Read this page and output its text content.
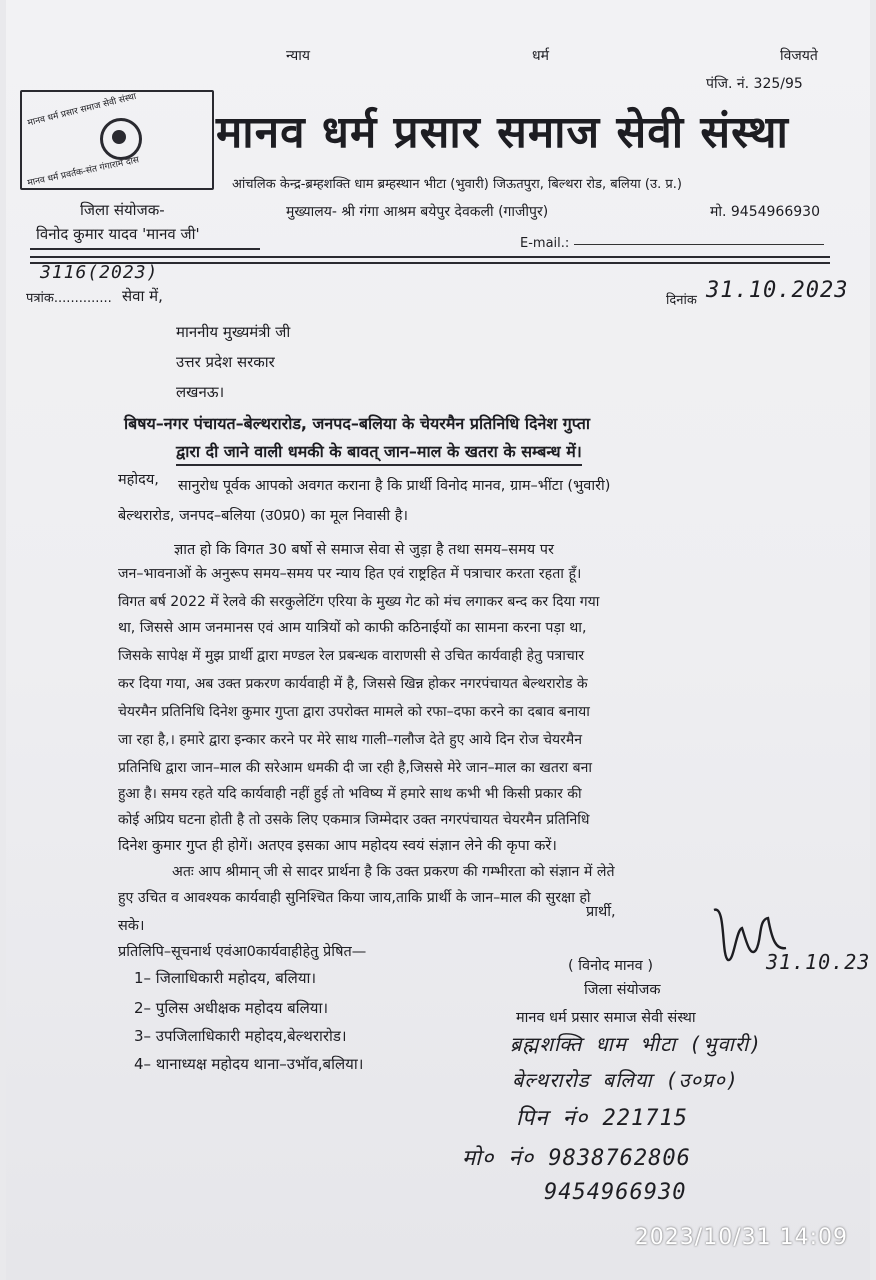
न्याय	धर्म	विजयते
पंजि. नं. 325/95
मानव धर्म प्रसार समाज सेवी संस्था
मानव धर्म प्रवर्तक-संत गंगाराम दास
मानव धर्म प्रसार समाज सेवी संस्था
आंचलिक केन्द्र-ब्रम्हशक्ति धाम ब्रम्हस्थान भीटा (भुवारी) जिऊतपुरा, बिल्थरा रोड, बलिया (उ. प्र.)
जिला संयोजक-
विनोद कुमार यादव 'मानव जी'
मुख्यालय- श्री गंगा आश्रम बयेपुर देवकली (गाजीपुर)	मो. 9454966930
E-mail.:
3116(2023)
पत्रांक.............. सेवा में,	दिनांक 31.10.2023
माननीय मुख्यमंत्री जी
उत्तर प्रदेश सरकार
लखनऊ।
बिषय–नगर पंचायत–बेल्थरारोड, जनपद–बलिया के चेयरमैन प्रतिनिधि दिनेश गुप्ता
द्वारा दी जाने वाली धमकी के बावत् जान–माल के खतरा के सम्बन्ध में।
महोदय, सानुरोध पूर्वक आपको अवगत कराना है कि प्रार्थी विनोद मानव, ग्राम–भींटा (भुवारी)
बेल्थरारोड, जनपद–बलिया (उ0प्र0) का मूल निवासी है।
ज्ञात हो कि विगत 30 बर्षो से समाज सेवा से जुड़ा है तथा समय–समय पर
जन–भावनाओं के अनुरूप समय–समय पर न्याय हित एवं राष्ट्रहित में पत्राचार करता रहता हूँ।
विगत बर्ष 2022 में रेलवे की सरकुलेटिंग एरिया के मुख्य गेट को मंच लगाकर बन्द कर दिया गया
था, जिससे आम जनमानस एवं आम यात्रियों को काफी कठिनाईयों का सामना करना पड़ा था,
जिसके सापेक्ष में मुझ प्रार्थी द्वारा मण्डल रेल प्रबन्धक वाराणसी से उचित कार्यवाही हेतु पत्राचार
कर दिया गया, अब उक्त प्रकरण कार्यवाही में है, जिससे खिन्न होकर नगरपंचायत बेल्थरारोड के
चेयरमैन प्रतिनिधि दिनेश कुमार गुप्ता द्वारा उपरोक्त मामले को रफा–दफा करने का दबाव बनाया
जा रहा है,। हमारे द्वारा इन्कार करने पर मेरे साथ गाली–गलौज देते हुए आये दिन रोज चेयरमैन
प्रतिनिधि द्वारा जान–माल की सरेआम धमकी दी जा रही है,जिससे मेरे जान–माल का खतरा बना
हुआ है। समय रहते यदि कार्यवाही नहीं हुई तो भविष्य में हमारे साथ कभी भी किसी प्रकार की
कोई अप्रिय घटना होती है तो उसके लिए एकमात्र जिम्मेदार उक्त नगरपंचायत चेयरमैन प्रतिनिधि
दिनेश कुमार गुप्त ही होगें। अतएव इसका आप महोदय स्वयं संज्ञान लेने की कृपा करें।
अतः आप श्रीमान् जी से सादर प्रार्थना है कि उक्त प्रकरण की गम्भीरता को संज्ञान में लेते
हुए उचित व आवश्यक कार्यवाही सुनिश्चित किया जाय,ताकि प्रार्थी के जान–माल की सुरक्षा हो
सके।
प्रार्थी,
प्रतिलिपि–सूचनार्थ एवंआ0कार्यवाहीहेतु प्रेषित—
1– जिलाधिकारी महोदय, बलिया।
2– पुलिस अधीक्षक महोदय बलिया।
3– उपजिलाधिकारी महोदय,बेल्थरारोड।
4– थानाध्यक्ष महोदय थाना–उभॉव,बलिया।
( विनोद मानव )	31.10.23
जिला संयोजक
मानव धर्म प्रसार समाज सेवी संस्था
ब्रह्मशक्ति धाम भीटा (भुवारी)
बेल्थरारोड बलिया (उ०प्र०)
पिन नं० 221715
मो० नं० 9838762806
9454966930
2023/10/31 14:09
